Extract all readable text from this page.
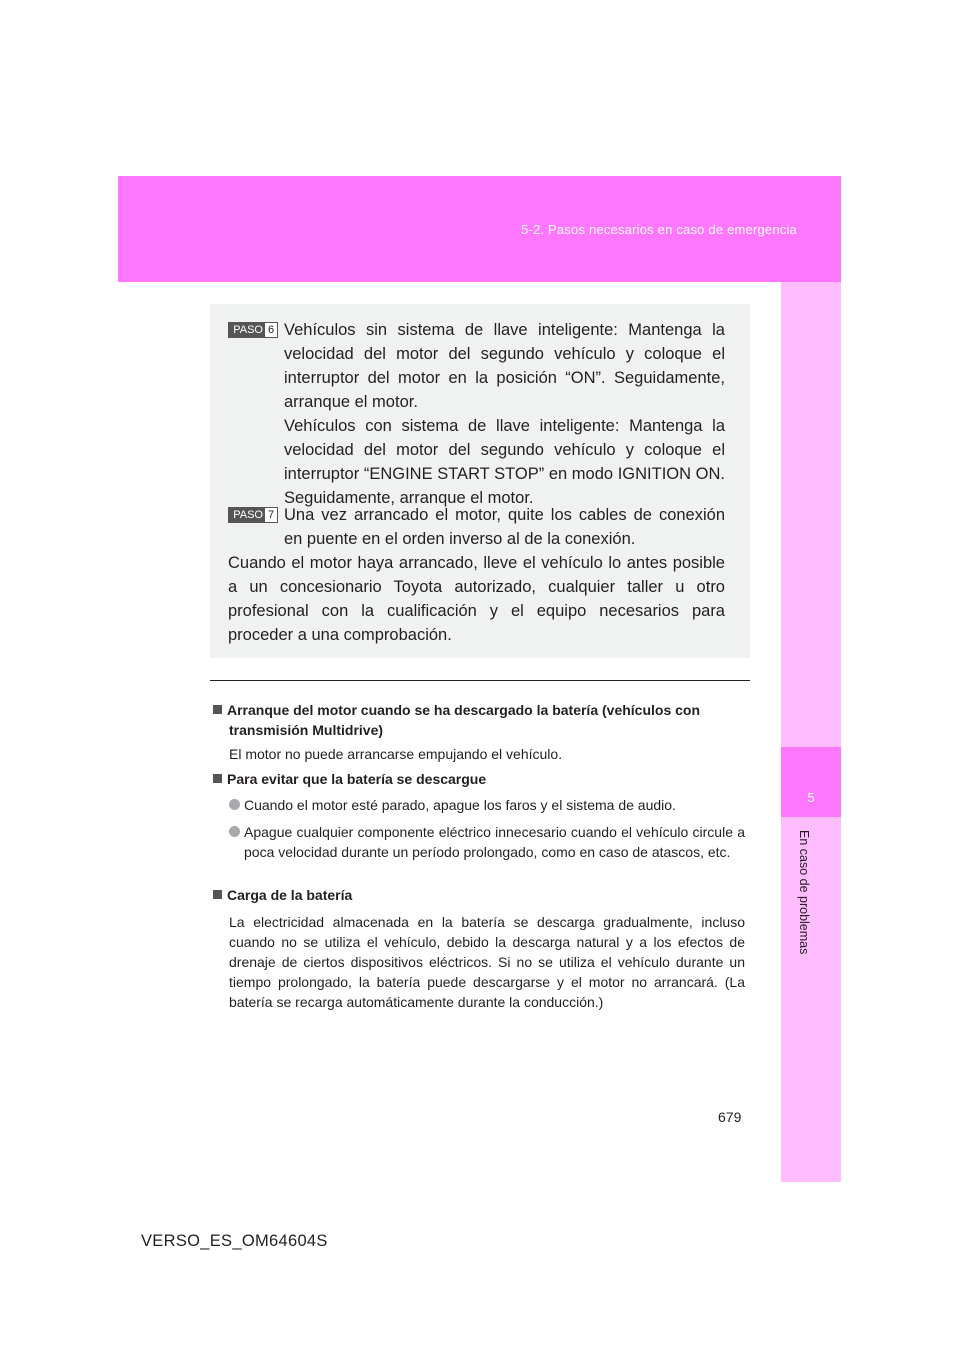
5-2. Pasos necesarios en caso de emergencia
5
En caso de problemas
PASO 6 Vehículos sin sistema de llave inteligente: Mantenga la velocidad del motor del segundo vehículo y coloque el interruptor del motor en la posición “ON”. Seguidamente, arranque el motor.

Vehículos con sistema de llave inteligente: Mantenga la velocidad del motor del segundo vehículo y coloque el interruptor “ENGINE START STOP” en modo IGNITION ON. Seguidamente, arranque el motor.

PASO 7 Una vez arrancado el motor, quite los cables de conexión en puente en el orden inverso al de la conexión.

Cuando el motor haya arrancado, lleve el vehículo lo antes posible a un concesionario Toyota autorizado, cualquier taller u otro profesional con la cualificación y el equipo necesarios para proceder a una comprobación.

Arranque del motor cuando se ha descargado la batería (vehículos con
transmisión Multidrive)

El motor no puede arrancarse empujando el vehículo.

Para evitar que la batería se descargue
Cuando el motor esté parado, apague los faros y el sistema de audio.
Apague cualquier componente eléctrico innecesario cuando el vehículo circule a poca velocidad durante un período prolongado, como en caso de atascos, etc.
Carga de la batería

La electricidad almacenada en la batería se descarga gradualmente, incluso cuando no se utiliza el vehículo, debido la descarga natural y a los efectos de drenaje de ciertos dispositivos eléctricos. Si no se utiliza el vehículo durante un tiempo prolongado, la batería puede descargarse y el motor no arrancará. (La batería se recarga automáticamente durante la conducción.)

679
VERSO_ES_OM64604S
